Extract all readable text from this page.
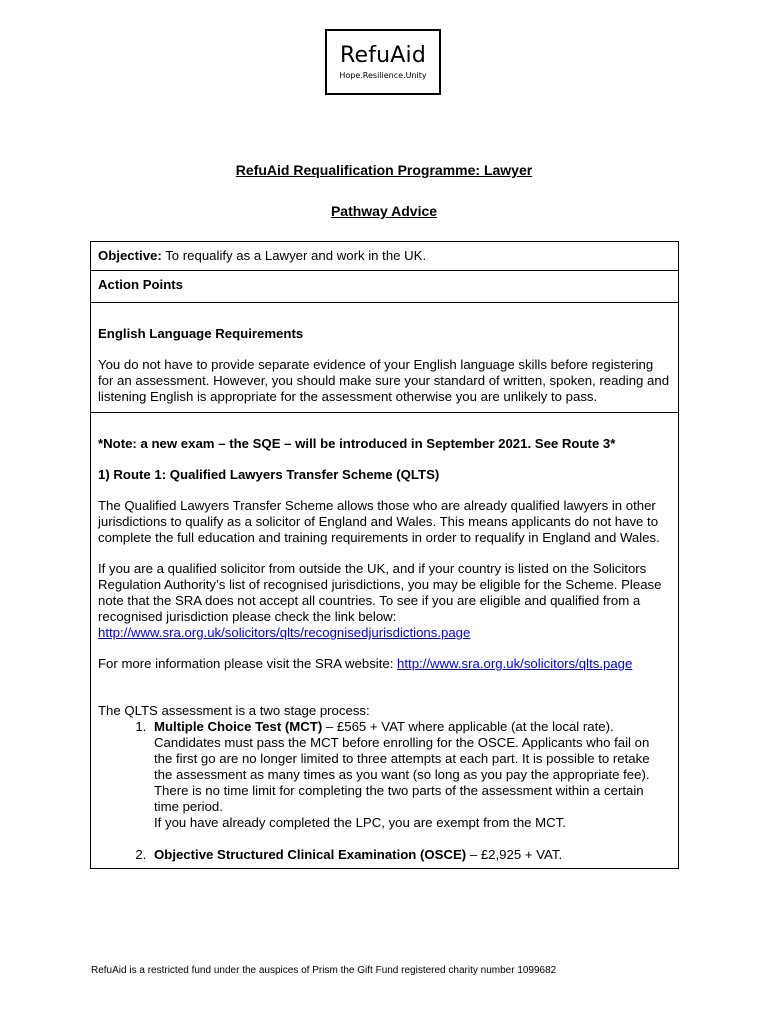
RefuAid
Hope.Resilience.Unity
RefuAid Requalification Programme: Lawyer
Pathway Advice
Objective: To requalify as a Lawyer and work in the UK.
Action Points

English Language Requirements

You do not have to provide separate evidence of your English language skills before registering for an assessment. However, you should make sure your standard of written, spoken, reading and listening English is appropriate for the assessment otherwise you are unlikely to pass.

*Note: a new exam – the SQE – will be introduced in September 2021. See Route 3*

1) Route 1: Qualified Lawyers Transfer Scheme (QLTS)

The Qualified Lawyers Transfer Scheme allows those who are already qualified lawyers in other jurisdictions to qualify as a solicitor of England and Wales. This means applicants do not have to complete the full education and training requirements in order to requalify in England and Wales.

If you are a qualified solicitor from outside the UK, and if your country is listed on the Solicitors Regulation Authority’s list of recognised jurisdictions, you may be eligible for the Scheme. Please note that the SRA does not accept all countries. To see if you are eligible and qualified from a recognised jurisdiction please check the link below:

http://www.sra.org.uk/solicitors/qlts/recognisedjurisdictions.page

For more information please visit the SRA website: http://www.sra.org.uk/solicitors/qlts.page

The QLTS assessment is a two stage process:

1. Multiple Choice Test (MCT) – £565 + VAT where applicable (at the local rate). Candidates must pass the MCT before enrolling for the OSCE. Applicants who fail on the first go are no longer limited to three attempts at each part. It is possible to retake the assessment as many times as you want (so long as you pay the appropriate fee). There is no time limit for completing the two parts of the assessment within a certain time period.
If you have already completed the LPC, you are exempt from the MCT.
2. Objective Structured Clinical Examination (OSCE) – £2,925 + VAT.
RefuAid is a restricted fund under the auspices of Prism the Gift Fund registered charity number 1099682
